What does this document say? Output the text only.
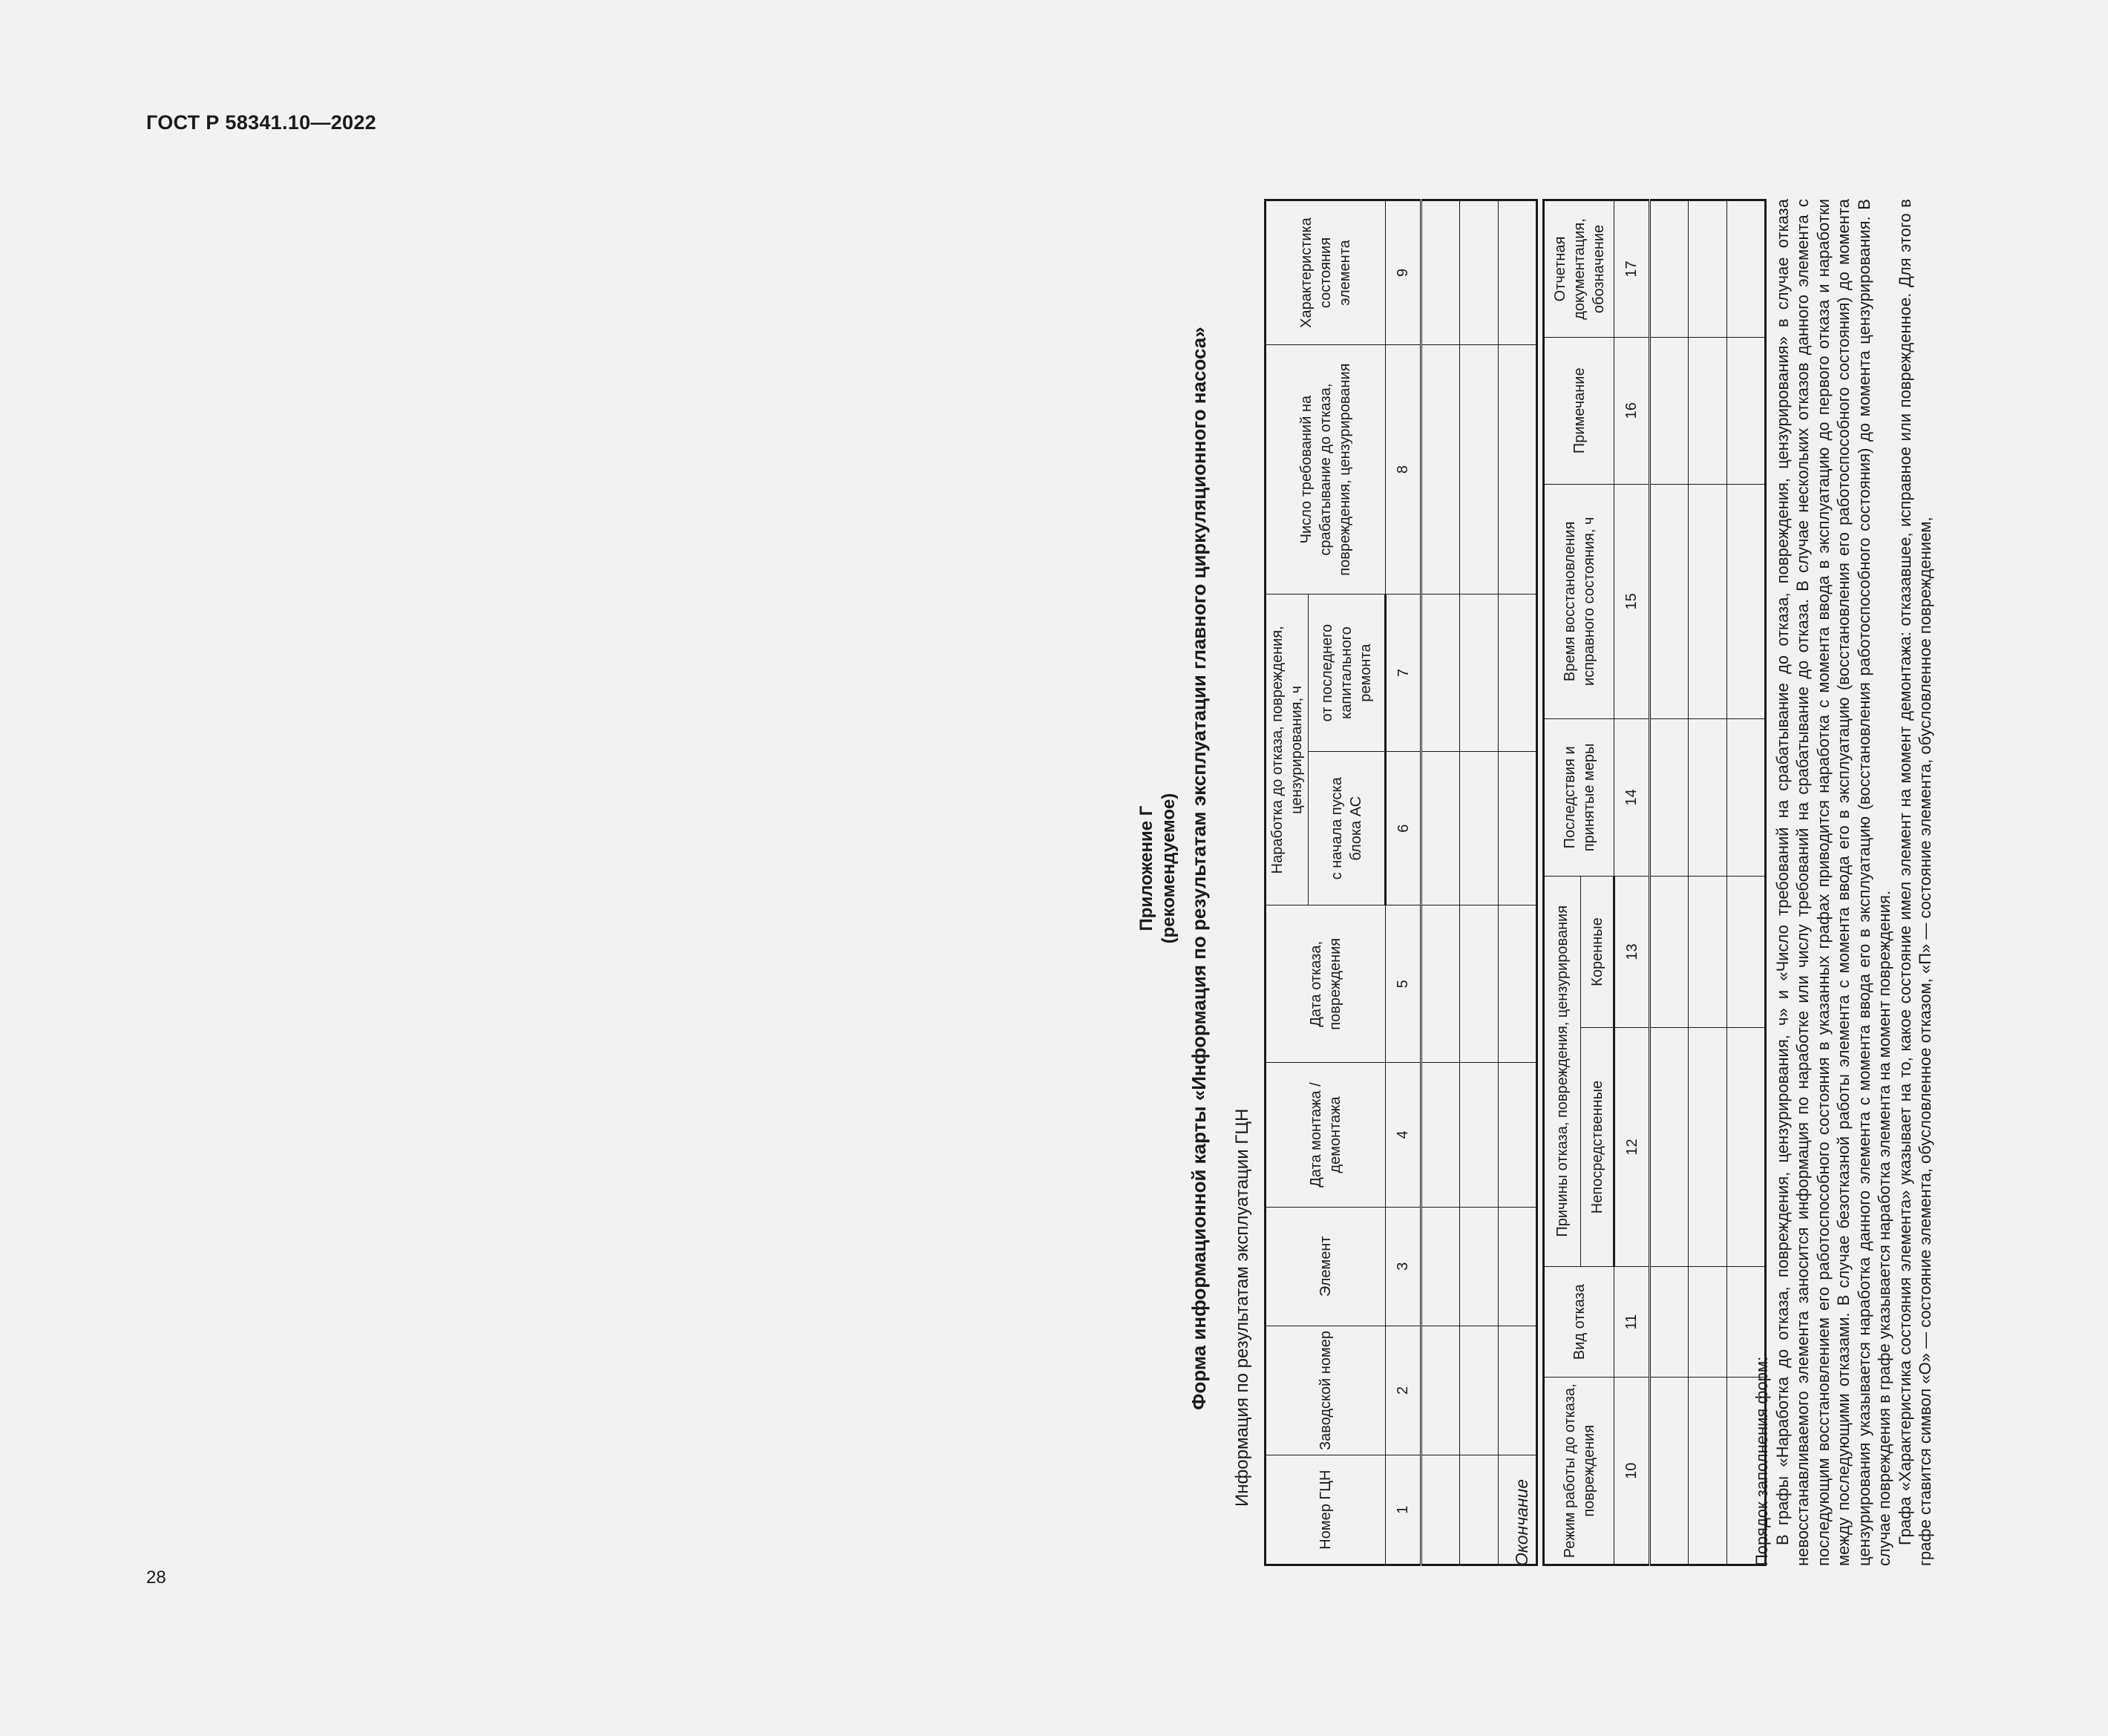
ГОСТ Р 58341.10—2022
28
Приложение Г (рекомендуемое) Форма информационной карты «Информация по результатам эксплуатации главного циркуляционного насоса» Информация по результатам эксплуатации ГЦН
Номер ГЦН	Заводской номер	Элемент	Дата монтажа / демонтажа	Дата отказа, повреждения	Наработка до отказа, повреждения, цензурирования, ч		Число требований на срабатывание до отказа, повреждения, цензурирования	Характеристика состояния элемента
					с начала пуска блока АС	от последнего капитального ремонта		
1	2	3	4	5	6	7	8	9

Окончание Режим работы до отказа, повреждения	Вид отказа	Причины отказа, повреждения, цензурирования		Последствия и принятые меры	Время восстановления исправного состояния, ч	Примечание	Отчетная документация, обозначение
		Непосредственные	Коренные				
10	11	12	13	14	15	16	17

Порядок заполнения форм: В графы «Наработка до отказа, повреждения, цензурирования, ч» и «Число требований на срабатывание до отказа, повреждения, цензурирования» в случае отказа невосстанавливаемого элемента заносится информация по наработке или числу требований на срабатывание до отказа. В случае нескольких отказов данного элемента с последующим восстановлением его работоспособного состояния в указанных графах приводится наработка с момента ввода в эксплуатацию до первого отказа и наработки между последующими отказами. В случае безотказной работы элемента с момента ввода его в эксплуатацию (восстановления его работоспособного состояния) до момента цензурирования указывается наработка данного элемента с момента ввода его в эксплуатацию (восстановления работоспособного состояния) до момента цензурирования. В случае повреждения в графе указывается наработка элемента на момент повреждения. Графа «Характеристика состояния элемента» указывает на то, какое состояние имел элемент на момент демонтажа: отказавшее, исправное или поврежденное. Для этого в графе ставится символ «О» — состояние элемента, обусловленное отказом, «П» — состояние элемента, обусловленное повреждением,
